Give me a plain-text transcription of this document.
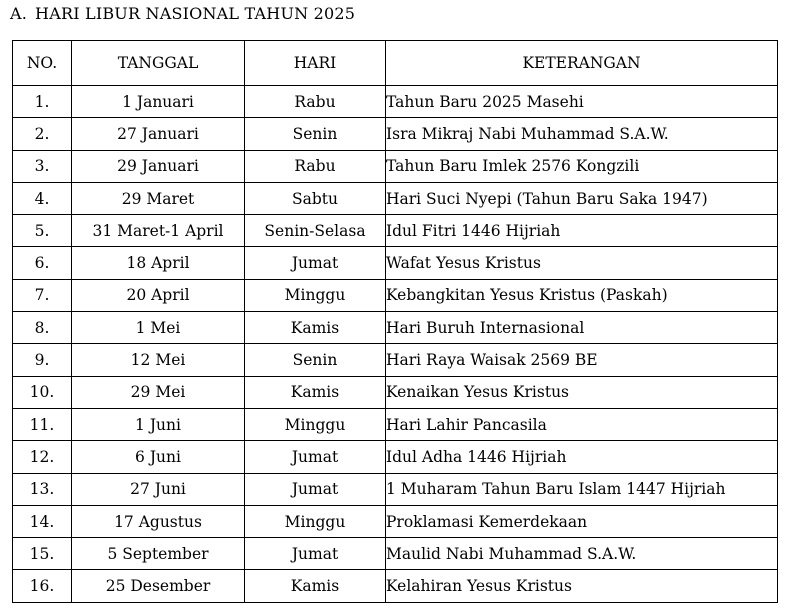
A. HARI LIBUR NASIONAL TAHUN 2025
NO.	TANGGAL	HARI	KETERANGAN
1.	1 Januari	Rabu	Tahun Baru 2025 Masehi
2.	27 Januari	Senin	Isra Mikraj Nabi Muhammad S.A.W.
3.	29 Januari	Rabu	Tahun Baru Imlek 2576 Kongzili
4.	29 Maret	Sabtu	Hari Suci Nyepi (Tahun Baru Saka 1947)
5.	31 Maret-1 April	Senin-Selasa	Idul Fitri 1446 Hijriah
6.	18 April	Jumat	Wafat Yesus Kristus
7.	20 April	Minggu	Kebangkitan Yesus Kristus (Paskah)
8.	1 Mei	Kamis	Hari Buruh Internasional
9.	12 Mei	Senin	Hari Raya Waisak 2569 BE
10.	29 Mei	Kamis	Kenaikan Yesus Kristus
11.	1 Juni	Minggu	Hari Lahir Pancasila
12.	6 Juni	Jumat	Idul Adha 1446 Hijriah
13.	27 Juni	Jumat	1 Muharam Tahun Baru Islam 1447 Hijriah
14.	17 Agustus	Minggu	Proklamasi Kemerdekaan
15.	5 September	Jumat	Maulid Nabi Muhammad S.A.W.
16.	25 Desember	Kamis	Kelahiran Yesus Kristus
